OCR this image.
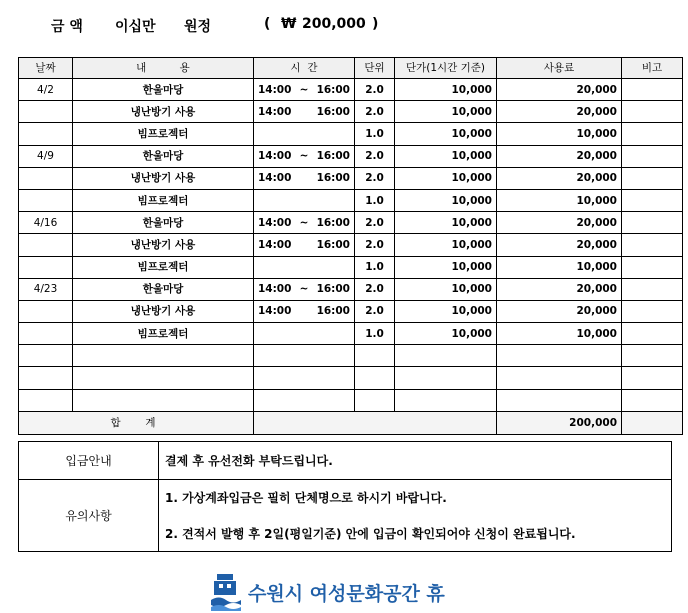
금 액 이십만 원정	( ₩ 200,000 )
날짜	내          용	시  간	단위	단가(1시간 기준)	사용료	비고
4/2	한울마당	14:00 ~ 16:00	2.0	10,000	20,000	
	냉난방기 사용	14:00 16:00	2.0	10,000	20,000	
	빔프로젝터		1.0	10,000	10,000	
4/9	한울마당	14:00 ~ 16:00	2.0	10,000	20,000	
	냉난방기 사용	14:00 16:00	2.0	10,000	20,000	
	빔프로젝터		1.0	10,000	10,000	
4/16	한울마당	14:00 ~ 16:00	2.0	10,000	20,000	
	냉난방기 사용	14:00 16:00	2.0	10,000	20,000	
	빔프로젝터		1.0	10,000	10,000	
4/23	한울마당	14:00 ~ 16:00	2.0	10,000	20,000	
	냉난방기 사용	14:00 16:00	2.0	10,000	20,000	
	빔프로젝터		1.0	10,000	10,000	

합  계					200,000	
입금안내	결제 후 유선전화 부탁드립니다.
유의사항	1. 가상계좌입금은 필히 단체명으로 하시기 바랍니다.
2. 견적서 발행 후 2일(평일기준) 안에 입금이 확인되어야 신청이 완료됩니다.
수원시 여성문화공간 휴
